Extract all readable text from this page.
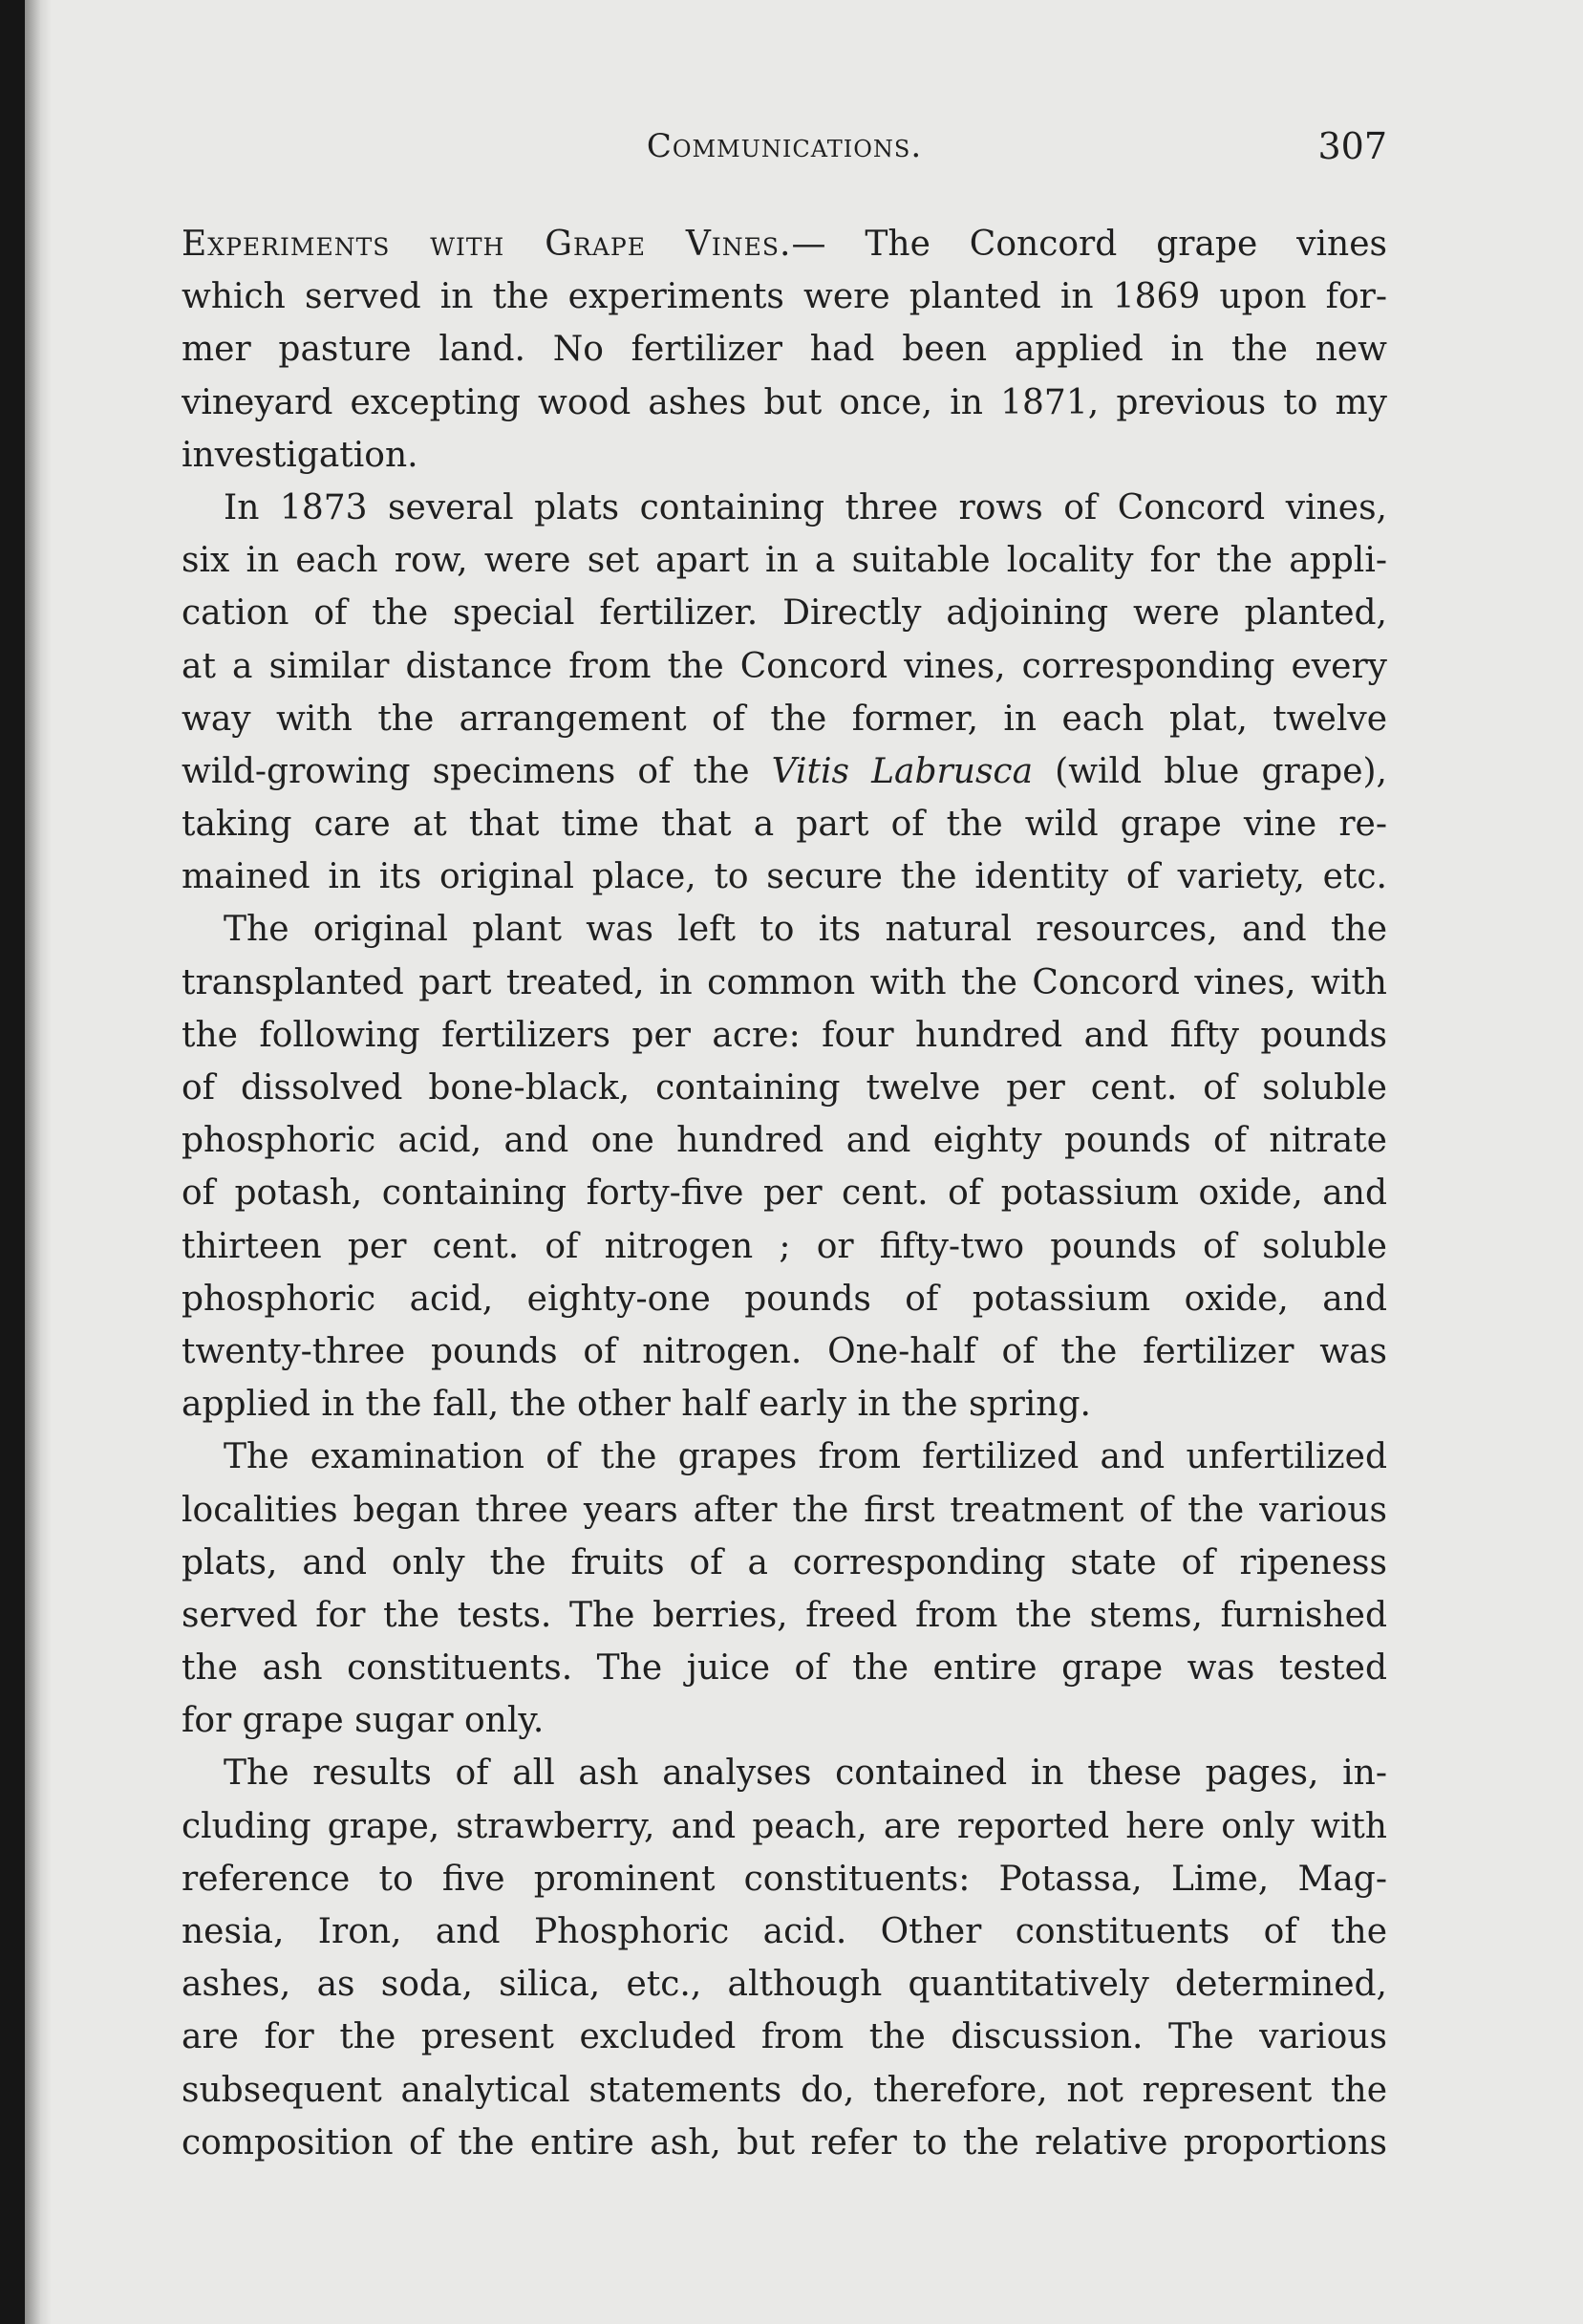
Communications.	307
Experiments with Grape Vines.— The Concord grape vines
which served in the experiments were planted in 1869 upon for-
mer pasture land. No fertilizer had been applied in the new
vineyard excepting wood ashes but once, in 1871, previous to my
investigation.
In 1873 several plats containing three rows of Concord vines,
six in each row, were set apart in a suitable locality for the appli-
cation of the special fertilizer. Directly adjoining were planted,
at a similar distance from the Concord vines, corresponding every
way with the arrangement of the former, in each plat, twelve
wild-growing specimens of the Vitis Labrusca (wild blue grape),
taking care at that time that a part of the wild grape vine re-
mained in its original place, to secure the identity of variety, etc.
The original plant was left to its natural resources, and the
transplanted part treated, in common with the Concord vines, with
the following fertilizers per acre: four hundred and fifty pounds
of dissolved bone-black, containing twelve per cent. of soluble
phosphoric acid, and one hundred and eighty pounds of nitrate
of potash, containing forty-five per cent. of potassium oxide, and
thirteen per cent. of nitrogen ; or fifty-two pounds of soluble
phosphoric acid, eighty-one pounds of potassium oxide, and
twenty-three pounds of nitrogen. One-half of the fertilizer was
applied in the fall, the other half early in the spring.
The examination of the grapes from fertilized and unfertilized
localities began three years after the first treatment of the various
plats, and only the fruits of a corresponding state of ripeness
served for the tests. The berries, freed from the stems, furnished
the ash constituents. The juice of the entire grape was tested
for grape sugar only.
The results of all ash analyses contained in these pages, in-
cluding grape, strawberry, and peach, are reported here only with
reference to five prominent constituents: Potassa, Lime, Mag-
nesia, Iron, and Phosphoric acid. Other constituents of the
ashes, as soda, silica, etc., although quantitatively determined,
are for the present excluded from the discussion. The various
subsequent analytical statements do, therefore, not represent the
composition of the entire ash, but refer to the relative proportions
